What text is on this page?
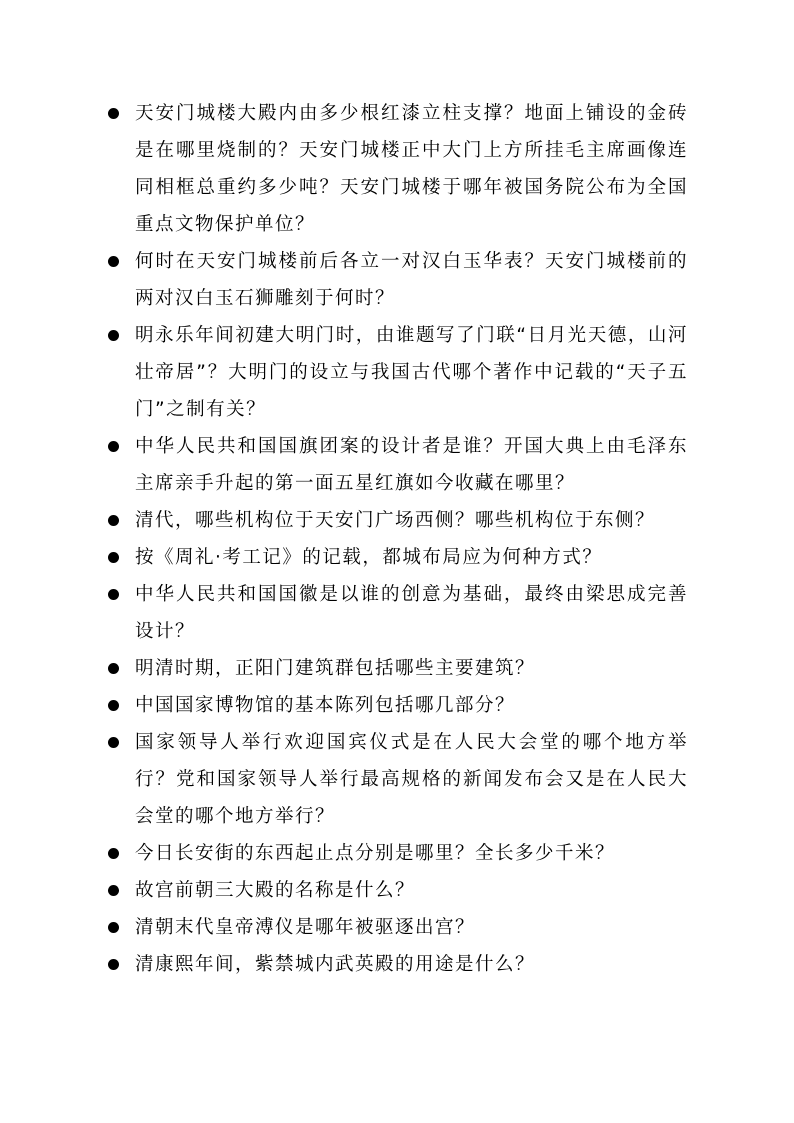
天安门城楼大殿内由多少根红漆立柱支撑？地面上铺设的金砖是在哪里烧制的？天安门城楼正中大门上方所挂毛主席画像连同相框总重约多少吨？天安门城楼于哪年被国务院公布为全国重点文物保护单位？
何时在天安门城楼前后各立一对汉白玉华表？天安门城楼前的两对汉白玉石狮雕刻于何时？
明永乐年间初建大明门时，由谁题写了门联“日月光天德，山河壮帝居”？大明门的设立与我国古代哪个著作中记载的“天子五门”之制有关？
中华人民共和国国旗团案的设计者是谁？开国大典上由毛泽东主席亲手升起的第一面五星红旗如今收藏在哪里？
清代，哪些机构位于天安门广场西侧？哪些机构位于东侧？
按《周礼·考工记》的记载，都城布局应为何种方式？
中华人民共和国国徽是以谁的创意为基础，最终由梁思成完善设计？
明清时期，正阳门建筑群包括哪些主要建筑？
中国国家博物馆的基本陈列包括哪几部分？
国家领导人举行欢迎国宾仪式是在人民大会堂的哪个地方举行？党和国家领导人举行最高规格的新闻发布会又是在人民大会堂的哪个地方举行？
今日长安街的东西起止点分别是哪里？全长多少千米？
故宫前朝三大殿的名称是什么？
清朝末代皇帝溥仪是哪年被驱逐出宫？
清康熙年间，紫禁城内武英殿的用途是什么？
